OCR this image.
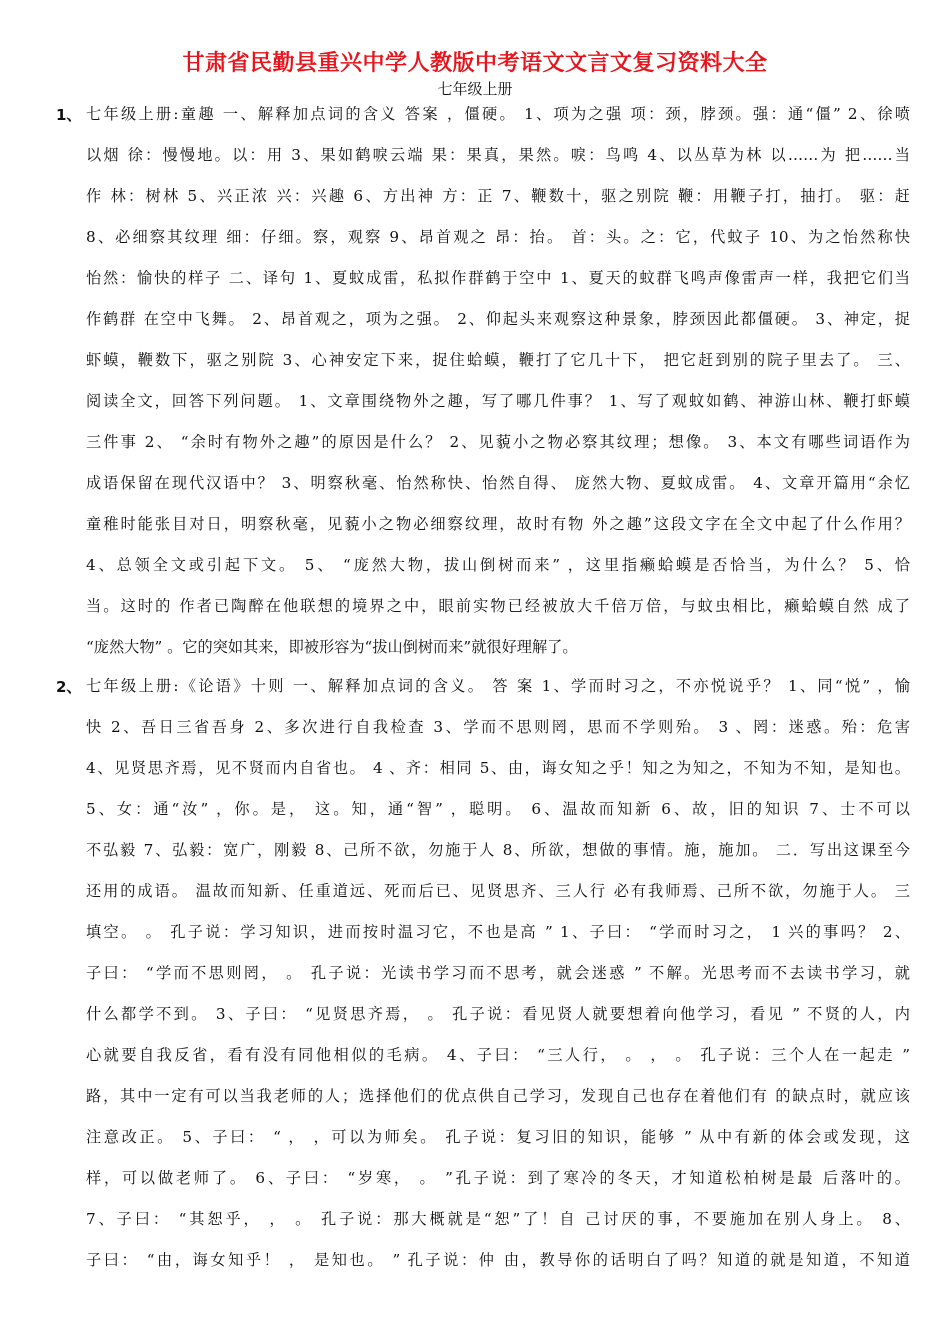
甘肃省民勤县重兴中学人教版中考语文文言文复习资料大全
七年级上册
1、 七年级上册:童趣 一、解释加点词的含义 答案 ，僵硬。 1、项为之强 项：颈，脖颈。强：通“僵” 2、徐喷
以烟 徐：慢慢地。以：用 3、果如鹤唳云端 果：果真，果然。唳：鸟鸣 4、以丛草为林 以……为 把……当
作 林：树林 5、兴正浓 兴：兴趣 6、方出神 方：正 7、鞭数十，驱之别院 鞭：用鞭子打，抽打。 驱：赶
8、必细察其纹理 细：仔细。察，观察 9、昂首观之 昂：抬。 首：头。之：它，代蚊子 10、为之怡然称快
怡然：愉快的样子 二、译句 1、夏蚊成雷，私拟作群鹤于空中 1、夏天的蚊群飞鸣声像雷声一样，我把它们当
作鹤群 在空中飞舞。 2、昂首观之，项为之强。 2、仰起头来观察这种景象，脖颈因此都僵硬。 3、神定，捉
虾蟆，鞭数下，驱之别院 3、心神安定下来，捉住蛤蟆，鞭打了它几十下， 把它赶到别的院子里去了。 三、
阅读全文，回答下列问题。 1、文章围绕物外之趣，写了哪几件事？ 1、写了观蚊如鹤、神游山林、鞭打虾蟆
三件事 2、 “余时有物外之趣”的原因是什么？ 2、见藐小之物必察其纹理；想像。 3、本文有哪些词语作为
成语保留在现代汉语中？ 3、明察秋毫、怡然称快、怡然自得、 庞然大物、夏蚊成雷。 4、文章开篇用“余忆
童稚时能张目对日，明察秋毫，见藐小之物必细察纹理，故时有物 外之趣”这段文字在全文中起了什么作用？
4、总领全文或引起下文。 5、 “庞然大物，拔山倒树而来” ，这里指癞蛤蟆是否恰当，为什么？ 5、恰
当。这时的 作者已陶醉在他联想的境界之中，眼前实物已经被放大千倍万倍，与蚊虫相比，癞蛤蟆自然 成了
“庞然大物” 。它的突如其来，即被形容为“拔山倒树而来”就很好理解了。
2、 七年级上册:《论语》十则 一、解释加点词的含义。 答 案 1、学而时习之，不亦悦说乎？ 1、同“悦” ，愉
快 2、吾日三省吾身 2、多次进行自我检查 3、学而不思则罔，思而不学则殆。 3 、罔：迷惑。殆：危害
4、见贤思齐焉，见不贤而内自省也。 4 、齐：相同 5、由，诲女知之乎！知之为知之，不知为不知，是知也。
5、女：通“汝” ，你。是， 这。知，通“智” ，聪明。 6、温故而知新 6、故，旧的知识 7、士不可以
不弘毅 7、弘毅：宽广，刚毅 8、己所不欲，勿施于人 8、所欲，想做的事情。施，施加。 二．写出这课至今
还用的成语。 温故而知新、任重道远、死而后已、见贤思齐、三人行 必有我师焉、己所不欲，勿施于人。 三
填空。 。 孔子说：学习知识，进而按时温习它，不也是高 ” 1、子曰： “学而时习之， 1 兴的事吗？ 2、
子曰： “学而不思则罔， 。 孔子说：光读书学习而不思考，就会迷惑 ” 不解。光思考而不去读书学习，就
什么都学不到。 3、子曰： “见贤思齐焉， 。 孔子说：看见贤人就要想着向他学习，看见 ” 不贤的人，内
心就要自我反省，看有没有同他相似的毛病。 4、子曰： “三人行， 。 ， 。 孔子说：三个人在一起走 ”
路，其中一定有可以当我老师的人；选择他们的优点供自己学习，发现自己也存在着他们有 的缺点时，就应该
注意改正。 5、子曰： “ ， ，可以为师矣。 孔子说：复习旧的知识，能够 ” 从中有新的体会或发现，这
样，可以做老师了。 6、子曰： “岁寒， 。 ”孔子说：到了寒冷的冬天，才知道松柏树是最 后落叶的。
7、子曰： “其恕乎， ， 。 孔子说：那大概就是“恕”了！自 己讨厌的事，不要施加在别人身上。 8、
子曰： “由，诲女知乎！ ， 是知也。 ” 孔子说：仲 由，教导你的话明白了吗？知道的就是知道，不知道
